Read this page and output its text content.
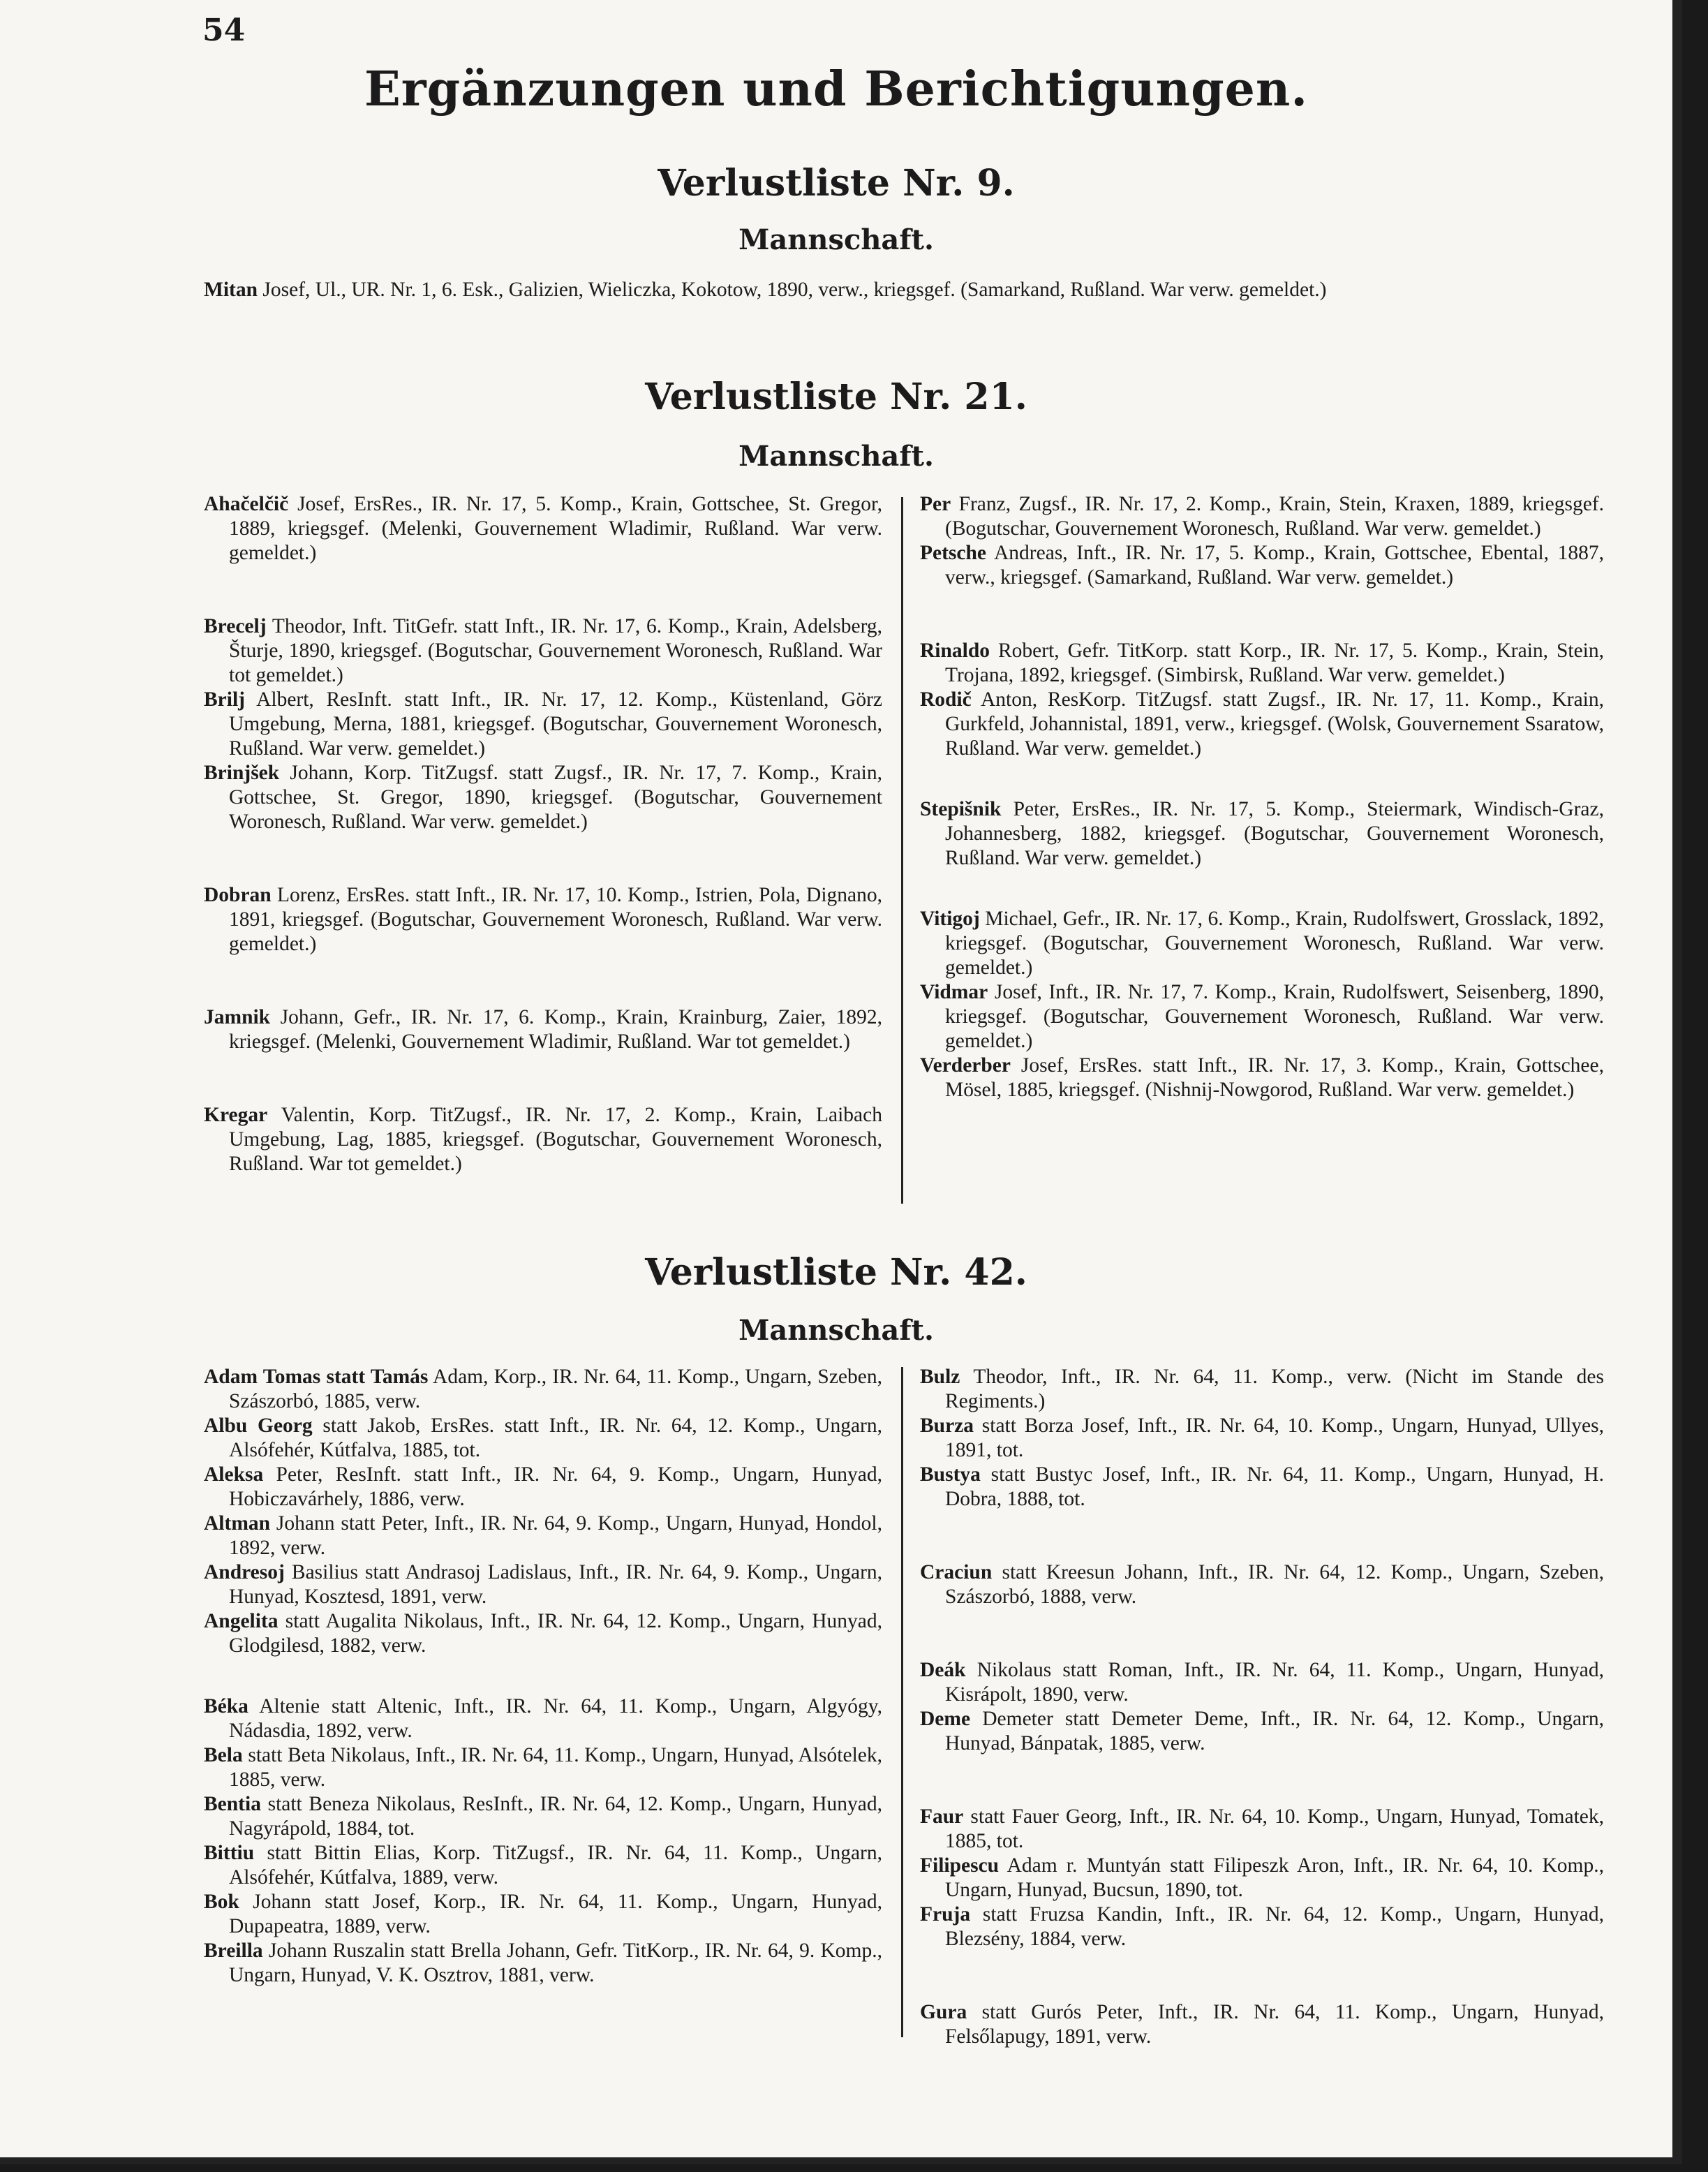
54
Ergänzungen und Berichtigungen.
Verlustliste Nr. 9.
Mannschaft.

Mitan Josef, Ul., UR. Nr. 1, 6. Esk., Galizien, Wieliczka, Kokotow, 1890, verw., kriegsgef. (Samarkand, Rußland. War verw. gemeldet.)

Verlustliste Nr. 21.
Mannschaft.

Ahačelčič Josef, ErsRes., IR. Nr. 17, 5. Komp., Krain, Gottschee, St. Gregor, 1889, kriegsgef. (Melenki, Gouvernement Wladimir, Rußland. War verw. gemeldet.)

Brecelj Theodor, Inft. TitGefr. statt Inft., IR. Nr. 17, 6. Komp., Krain, Adelsberg, Šturje, 1890, kriegsgef. (Bogutschar, Gouvernement Woronesch, Rußland. War tot gemeldet.)

Brilj Albert, ResInft. statt Inft., IR. Nr. 17, 12. Komp., Küstenland, Görz Umgebung, Merna, 1881, kriegsgef. (Bogutschar, Gouvernement Woronesch, Rußland. War verw. gemeldet.)

Brinjšek Johann, Korp. TitZugsf. statt Zugsf., IR. Nr. 17, 7. Komp., Krain, Gottschee, St. Gregor, 1890, kriegsgef. (Bogutschar, Gouvernement Woronesch, Rußland. War verw. gemeldet.)

Dobran Lorenz, ErsRes. statt Inft., IR. Nr. 17, 10. Komp., Istrien, Pola, Dignano, 1891, kriegsgef. (Bogutschar, Gouvernement Woronesch, Rußland. War verw. gemeldet.)

Jamnik Johann, Gefr., IR. Nr. 17, 6. Komp., Krain, Krainburg, Zaier, 1892, kriegsgef. (Melenki, Gouvernement Wladimir, Rußland. War tot gemeldet.)

Kregar Valentin, Korp. TitZugsf., IR. Nr. 17, 2. Komp., Krain, Laibach Umgebung, Lag, 1885, kriegsgef. (Bogutschar, Gouvernement Woronesch, Rußland. War tot gemeldet.)

Per Franz, Zugsf., IR. Nr. 17, 2. Komp., Krain, Stein, Kraxen, 1889, kriegsgef. (Bogutschar, Gouvernement Woronesch, Rußland. War verw. gemeldet.)

Petsche Andreas, Inft., IR. Nr. 17, 5. Komp., Krain, Gottschee, Ebental, 1887, verw., kriegsgef. (Samarkand, Rußland. War verw. gemeldet.)

Rinaldo Robert, Gefr. TitKorp. statt Korp., IR. Nr. 17, 5. Komp., Krain, Stein, Trojana, 1892, kriegsgef. (Simbirsk, Rußland. War verw. gemeldet.)

Rodič Anton, ResKorp. TitZugsf. statt Zugsf., IR. Nr. 17, 11. Komp., Krain, Gurkfeld, Johannistal, 1891, verw., kriegsgef. (Wolsk, Gouvernement Ssaratow, Rußland. War verw. gemeldet.)

Stepišnik Peter, ErsRes., IR. Nr. 17, 5. Komp., Steiermark, Windisch-Graz, Johannesberg, 1882, kriegsgef. (Bogutschar, Gouvernement Woronesch, Rußland. War verw. gemeldet.)

Vitigoj Michael, Gefr., IR. Nr. 17, 6. Komp., Krain, Rudolfswert, Grosslack, 1892, kriegsgef. (Bogutschar, Gouvernement Woronesch, Rußland. War verw. gemeldet.)

Vidmar Josef, Inft., IR. Nr. 17, 7. Komp., Krain, Rudolfswert, Seisenberg, 1890, kriegsgef. (Bogutschar, Gouvernement Woronesch, Rußland. War verw. gemeldet.)

Verderber Josef, ErsRes. statt Inft., IR. Nr. 17, 3. Komp., Krain, Gottschee, Mösel, 1885, kriegsgef. (Nishnij-Nowgorod, Rußland. War verw. gemeldet.)

Verlustliste Nr. 42.
Mannschaft.

Adam Tomas statt Tamás Adam, Korp., IR. Nr. 64, 11. Komp., Ungarn, Szeben, Szászorbó, 1885, verw.

Albu Georg statt Jakob, ErsRes. statt Inft., IR. Nr. 64, 12. Komp., Ungarn, Alsófehér, Kútfalva, 1885, tot.

Aleksa Peter, ResInft. statt Inft., IR. Nr. 64, 9. Komp., Ungarn, Hunyad, Hobiczavárhely, 1886, verw.

Altman Johann statt Peter, Inft., IR. Nr. 64, 9. Komp., Ungarn, Hunyad, Hondol, 1892, verw.

Andresoj Basilius statt Andrasoj Ladislaus, Inft., IR. Nr. 64, 9. Komp., Ungarn, Hunyad, Kosztesd, 1891, verw.

Angelita statt Augalita Nikolaus, Inft., IR. Nr. 64, 12. Komp., Ungarn, Hunyad, Glodgilesd, 1882, verw.

Béka Altenie statt Altenic, Inft., IR. Nr. 64, 11. Komp., Ungarn, Algyógy, Nádasdia, 1892, verw.

Bela statt Beta Nikolaus, Inft., IR. Nr. 64, 11. Komp., Ungarn, Hunyad, Alsótelek, 1885, verw.

Bentia statt Beneza Nikolaus, ResInft., IR. Nr. 64, 12. Komp., Ungarn, Hunyad, Nagyrápold, 1884, tot.

Bittiu statt Bittin Elias, Korp. TitZugsf., IR. Nr. 64, 11. Komp., Ungarn, Alsófehér, Kútfalva, 1889, verw.

Bok Johann statt Josef, Korp., IR. Nr. 64, 11. Komp., Ungarn, Hunyad, Dupapeatra, 1889, verw.

Breilla Johann Ruszalin statt Brella Johann, Gefr. TitKorp., IR. Nr. 64, 9. Komp., Ungarn, Hunyad, V. K. Osztrov, 1881, verw.

Bulz Theodor, Inft., IR. Nr. 64, 11. Komp., verw. (Nicht im Stande des Regiments.)

Burza statt Borza Josef, Inft., IR. Nr. 64, 10. Komp., Ungarn, Hunyad, Ullyes, 1891, tot.

Bustya statt Bustyc Josef, Inft., IR. Nr. 64, 11. Komp., Ungarn, Hunyad, H. Dobra, 1888, tot.

Craciun statt Kreesun Johann, Inft., IR. Nr. 64, 12. Komp., Ungarn, Szeben, Szászorbó, 1888, verw.

Deák Nikolaus statt Roman, Inft., IR. Nr. 64, 11. Komp., Ungarn, Hunyad, Kisrápolt, 1890, verw.

Deme Demeter statt Demeter Deme, Inft., IR. Nr. 64, 12. Komp., Ungarn, Hunyad, Bánpatak, 1885, verw.

Faur statt Fauer Georg, Inft., IR. Nr. 64, 10. Komp., Ungarn, Hunyad, Tomatek, 1885, tot.

Filipescu Adam r. Muntyán statt Filipeszk Aron, Inft., IR. Nr. 64, 10. Komp., Ungarn, Hunyad, Bucsun, 1890, tot.

Fruja statt Fruzsa Kandin, Inft., IR. Nr. 64, 12. Komp., Ungarn, Hunyad, Blezsény, 1884, verw.

Gura statt Gurós Peter, Inft., IR. Nr. 64, 11. Komp., Ungarn, Hunyad, Felsőlapugy, 1891, verw.
